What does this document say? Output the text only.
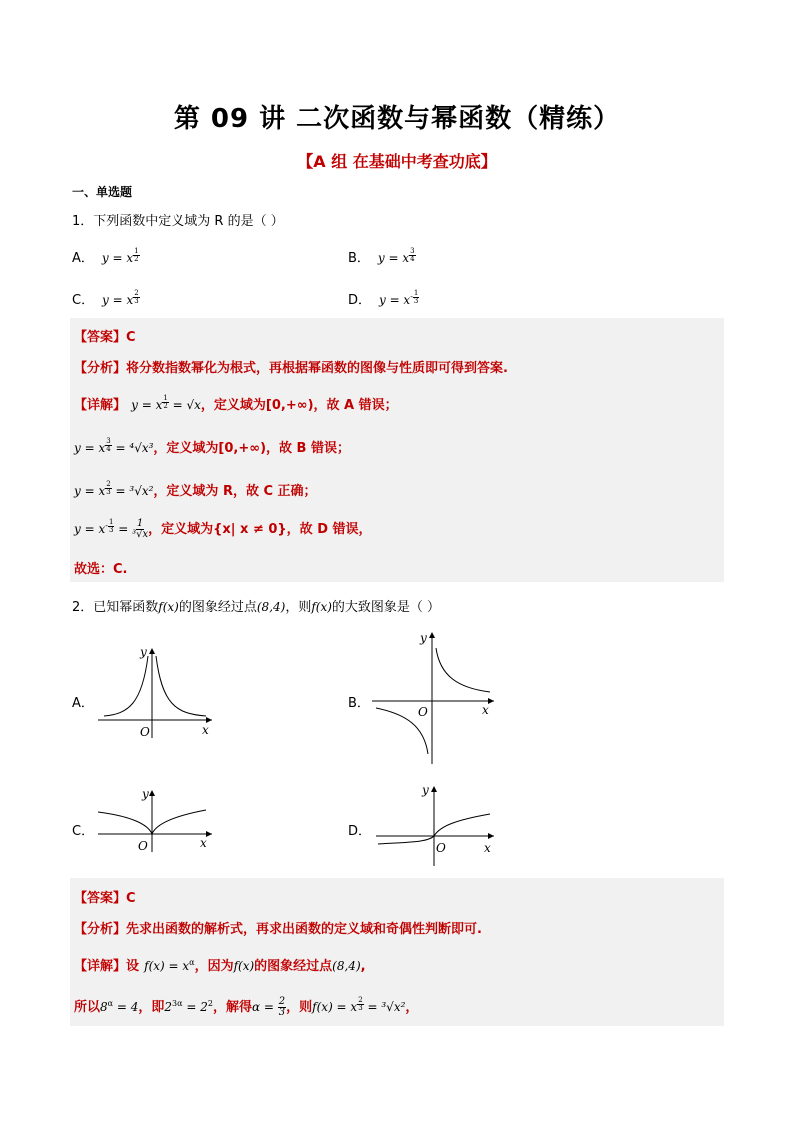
第 09 讲 二次函数与幂函数（精练）
【A 组 在基础中考查功底】
一、单选题
1．下列函数中定义域为 R 的是（ ）
A．  y = x $^{\frac{1}{2}}$	B．  y = x $^{\frac{3}{4}}$
C．  y = x $^{\frac{2}{3}}$	D．  $y = x^{- \frac{1}{3}}$
【答案】C
【分析】将分数指数幂化为根式，再根据幂函数的图像与性质即可得到答案.
【详解】 y = x $^{\frac{1}{2}}$ = √x，定义域为[0,+∞)，故 A 错误；
y = x $^{\frac{3}{4}}$ = ⁴√x³，定义域为[0,+∞)，故 B 错误；
y = x $^{\frac{2}{3}}$ = ³√x²，定义域为 R，故 C 正确；
$y = x^{- \frac{1}{3}} = \frac{1}{\text{³√x}}$ ，定义域为{x| x ≠ 0}，故 D 错误，
故选：C.
2．已知幂函数f(x)的图象经过点(8,4)，则f(x)的大致图象是（ ）
A．	B．
C．	D．
O	x
y
O	x
y
O	x
y
O	x
y
【答案】C
【分析】先求出函数的解析式，再求出函数的定义域和奇偶性判断即可.
【详解】设 $f(x) = x^\alpha$，因为f(x)的图象经过点(8,4),
所以$8^\alpha = 4$，即$2^{3\alpha} = 2^2$，解得$\alpha = \frac{2}{3}$ ，则f(x) = x $^{\frac{2}{3}}$ = ³√x²，
